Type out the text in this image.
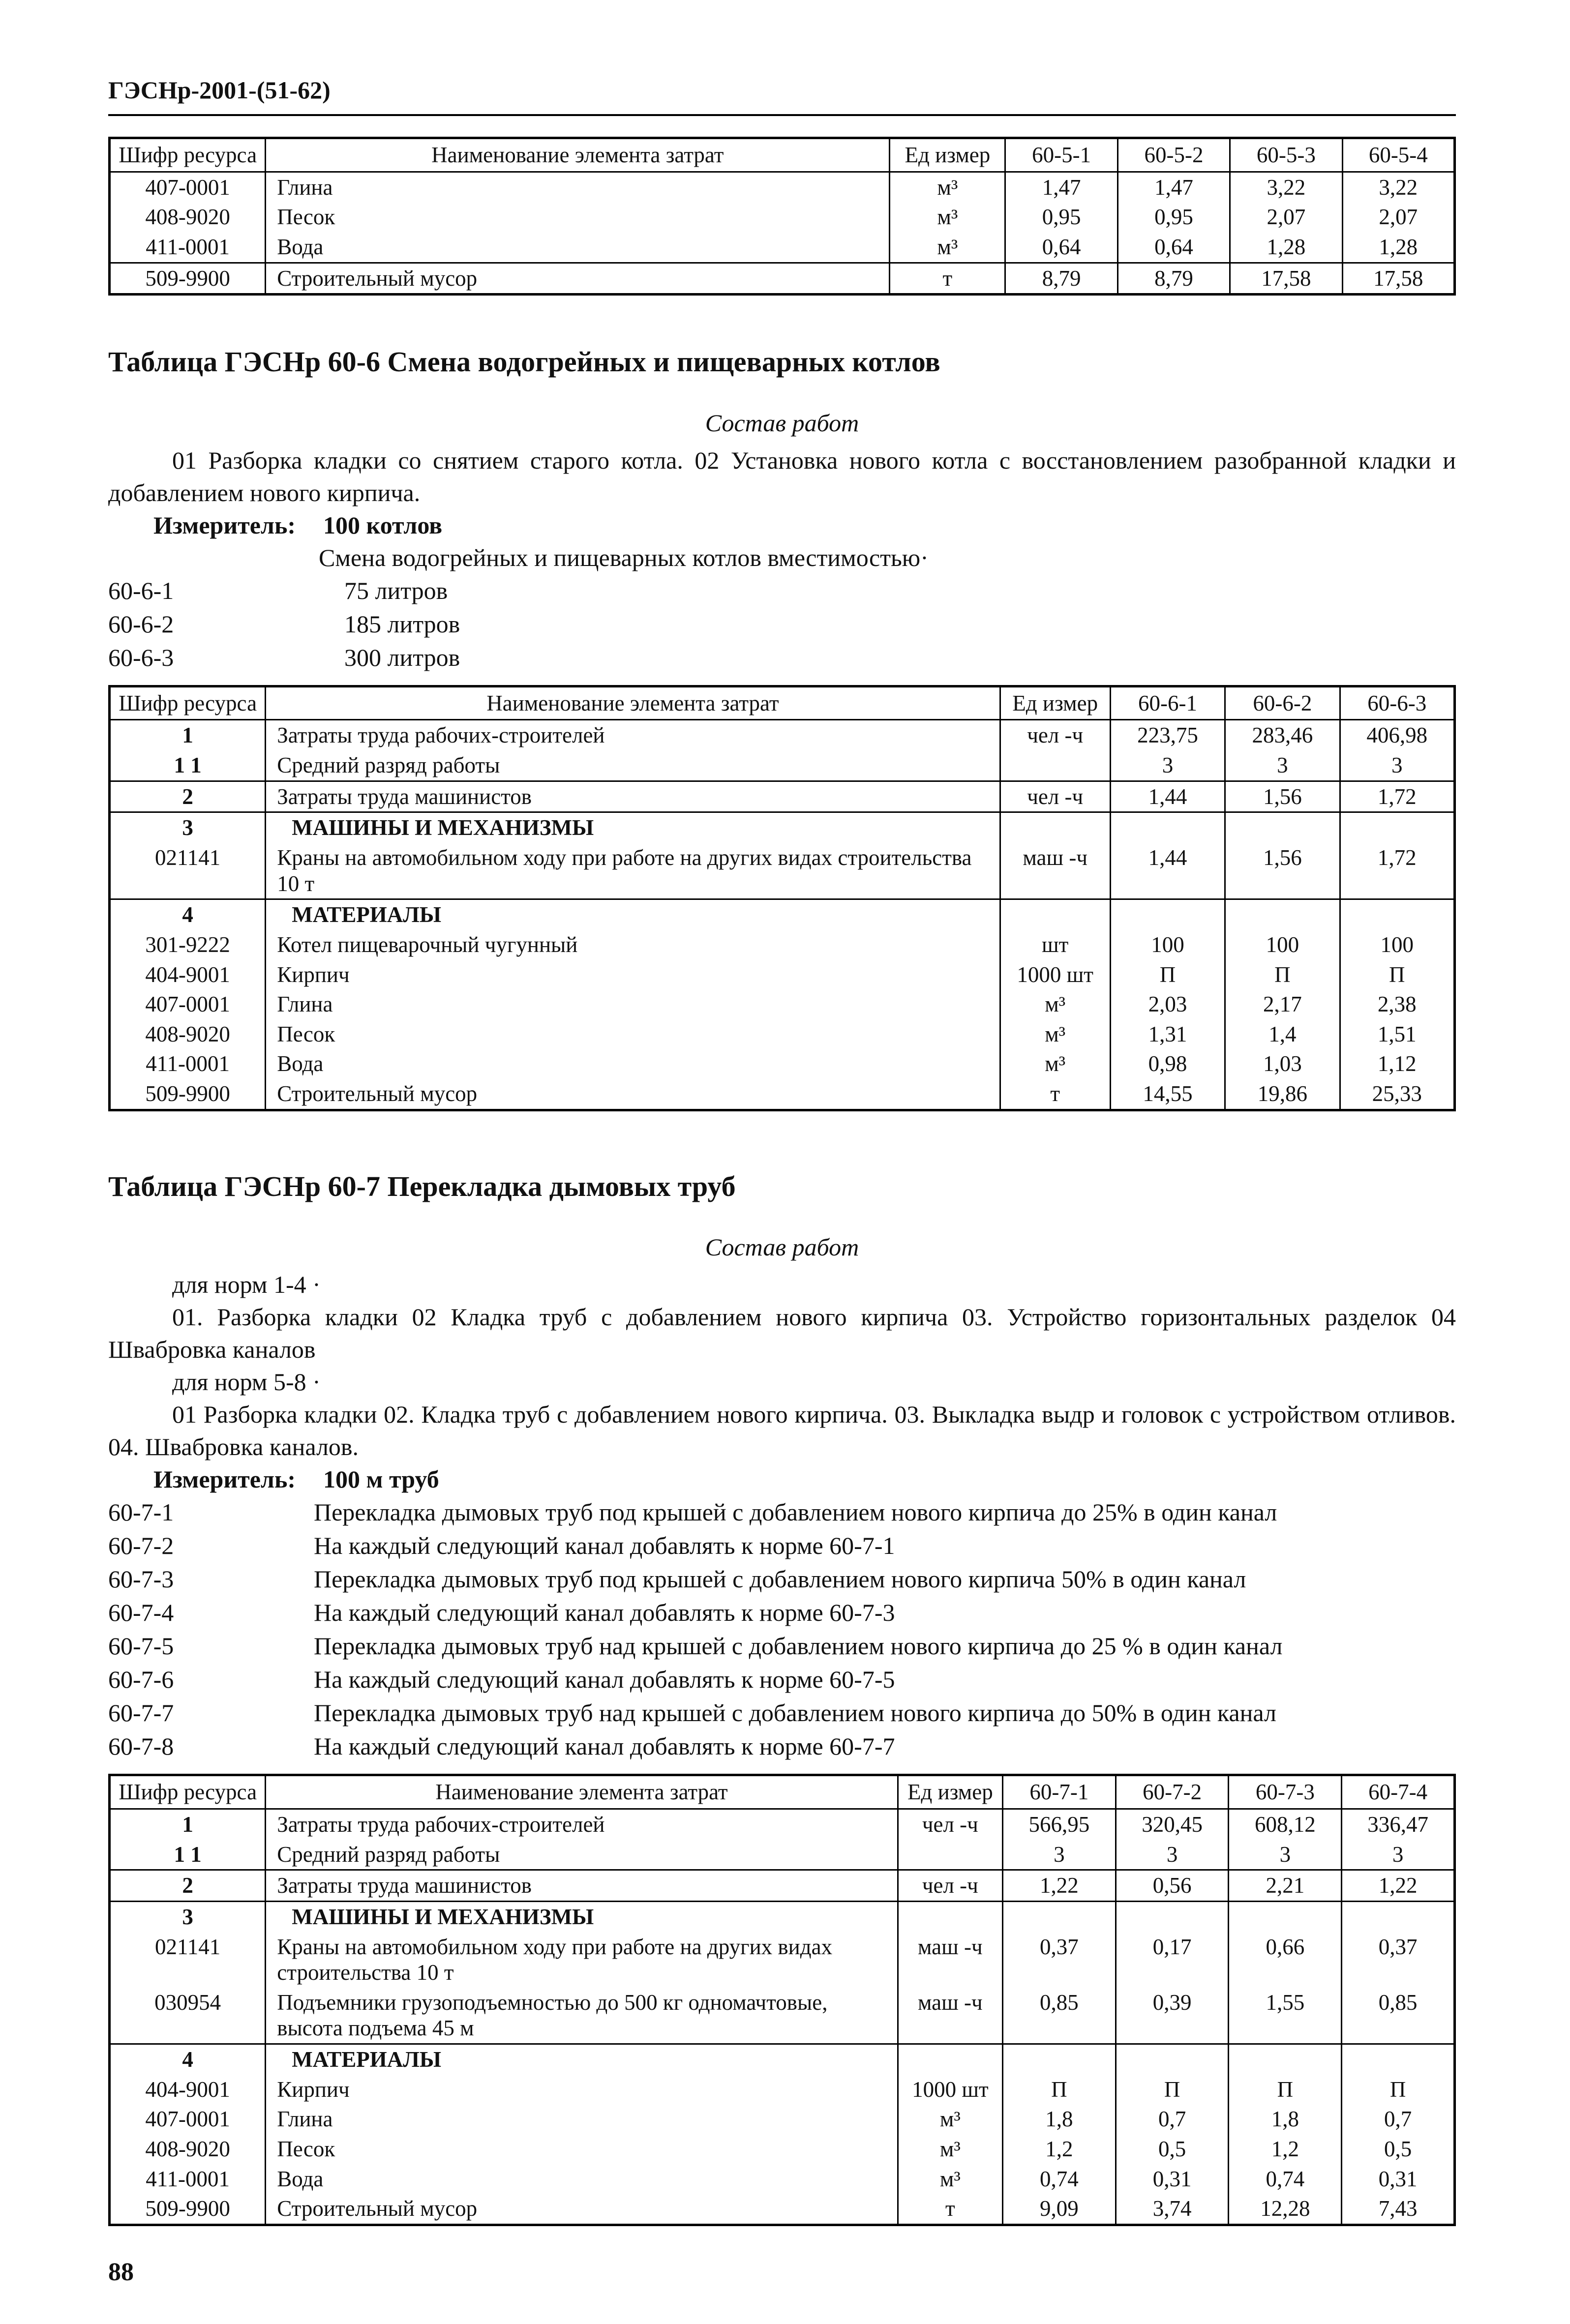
ГЭСНр-2001-(51-62)
Шифр ресурса	Наименование элемента затрат	Ед измер	60-5-1	60-5-2	60-5-3	60-5-4
407-0001	Глина	м³	1,47	1,47	3,22	3,22
408-9020	Песок	м³	0,95	0,95	2,07	2,07
411-0001	Вода	м³	0,64	0,64	1,28	1,28
509-9900	Строительный мусор	т	8,79	8,79	17,58	17,58
Таблица ГЭСНр 60-6 Смена водогрейных и пищеварных котлов

Состав работ

01 Разборка кладки со снятием старого котла. 02 Установка нового котла с восстановлением разобранной кладки и добавлением нового кирпича.

Измеритель: 100 котлов

Смена водогрейных и пищеварных котлов вместимостью·

60-6-1	75 литров
60-6-2	185 литров
60-6-3	300 литров
Шифр ресурса	Наименование элемента затрат	Ед измер	60-6-1	60-6-2	60-6-3
1	Затраты труда рабочих-строителей	чел -ч	223,75	283,46	406,98
1 1	Средний разряд работы		3	3	3
2	Затраты труда машинистов	чел -ч	1,44	1,56	1,72
3	МАШИНЫ И МЕХАНИЗМЫ				
021141	Краны на автомобильном ходу при работе на других видах строительства 10 т	маш -ч	1,44	1,56	1,72
4	МАТЕРИАЛЫ				
301-9222	Котел пищеварочный чугунный	шт	100	100	100
404-9001	Кирпич	1000 шт	П	П	П
407-0001	Глина	м³	2,03	2,17	2,38
408-9020	Песок	м³	1,31	1,4	1,51
411-0001	Вода	м³	0,98	1,03	1,12
509-9900	Строительный мусор	т	14,55	19,86	25,33
Таблица ГЭСНр 60-7 Перекладка дымовых труб

Состав работ

для норм 1-4 ·

01. Разборка кладки 02 Кладка труб с добавлением нового кирпича 03. Устройство горизонтальных разделок 04 Швабровка каналов

для норм 5-8 ·

01 Разборка кладки 02. Кладка труб с добавлением нового кирпича. 03. Выкладка выдр и головок с устройством отливов. 04. Швабровка каналов.

Измеритель: 100 м труб

60-7-1	Перекладка дымовых труб под крышей с добавлением нового кирпича до 25% в один канал
60-7-2	На каждый следующий канал добавлять к норме 60-7-1
60-7-3	Перекладка дымовых труб под крышей с добавлением нового кирпича 50% в один канал
60-7-4	На каждый следующий канал добавлять к норме 60-7-3
60-7-5	Перекладка дымовых труб над крышей с добавлением нового кирпича до 25 % в один канал
60-7-6	На каждый следующий канал добавлять к норме 60-7-5
60-7-7	Перекладка дымовых труб над крышей с добавлением нового кирпича до 50% в один канал
60-7-8	На каждый следующий канал добавлять к норме 60-7-7
Шифр ресурса	Наименование элемента затрат	Ед измер	60-7-1	60-7-2	60-7-3	60-7-4
1	Затраты труда рабочих-строителей	чел -ч	566,95	320,45	608,12	336,47
1 1	Средний разряд работы		3	3	3	3
2	Затраты труда машинистов	чел -ч	1,22	0,56	2,21	1,22
3	МАШИНЫ И МЕХАНИЗМЫ					
021141	Краны на автомобильном ходу при работе на других видах строительства 10 т	маш -ч	0,37	0,17	0,66	0,37
030954	Подъемники грузоподъемностью до 500 кг одномачтовые, высота подъема 45 м	маш -ч	0,85	0,39	1,55	0,85
4	МАТЕРИАЛЫ					
404-9001	Кирпич	1000 шт	П	П	П	П
407-0001	Глина	м³	1,8	0,7	1,8	0,7
408-9020	Песок	м³	1,2	0,5	1,2	0,5
411-0001	Вода	м³	0,74	0,31	0,74	0,31
509-9900	Строительный мусор	т	9,09	3,74	12,28	7,43
88
